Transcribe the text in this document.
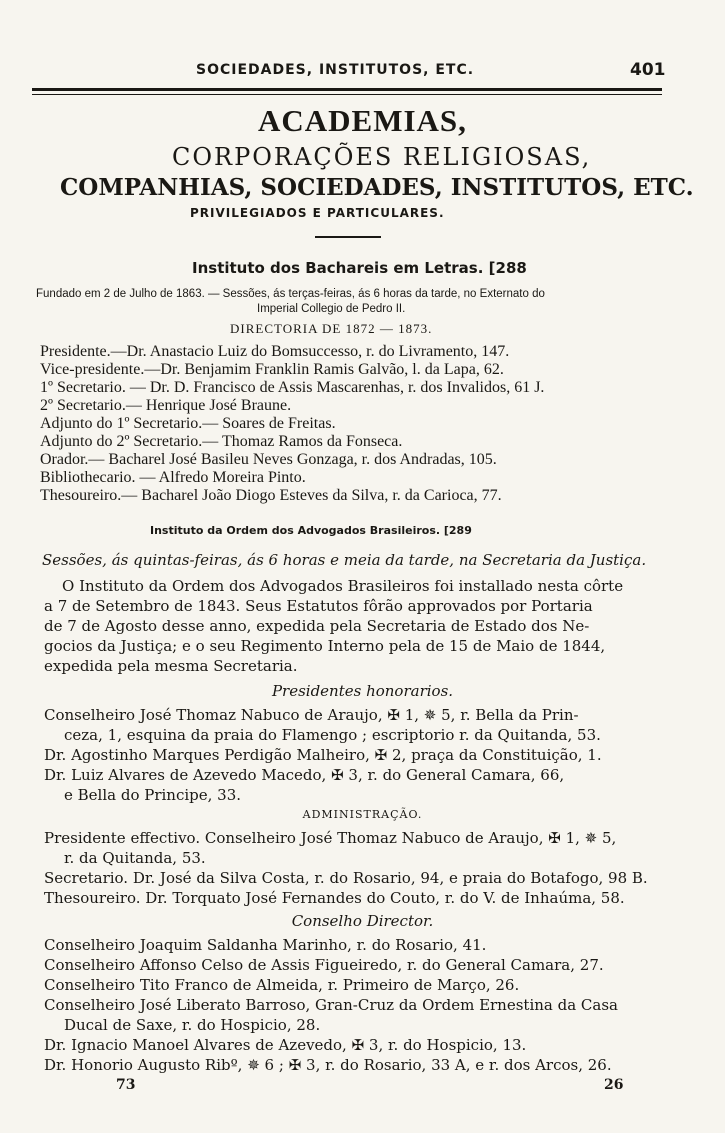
SOCIEDADES, INSTITUTOS, ETC.	401
ACADEMIAS,
CORPORAÇÕES RELIGIOSAS,
COMPANHIAS, SOCIEDADES, INSTITUTOS, ETC.
PRIVILEGIADOS E PARTICULARES.
Instituto dos Bachareis em Letras. [288
Fundado em 2 de Julho de 1863. — Sessões, ás terças-feiras, ás 6 horas da tarde, no Externato do
Imperial Collegio de Pedro II.
DIRECTORIA DE 1872 — 1873.
Presidente.—Dr. Anastacio Luiz do Bomsuccesso, r. do Livramento, 147.
Vice-presidente.—Dr. Benjamim Franklin Ramis Galvão, l. da Lapa, 62.
1º Secretario. — Dr. D. Francisco de Assis Mascarenhas, r. dos Invalidos, 61 J.
2º Secretario.— Henrique José Braune.
Adjunto do 1º Secretario.— Soares de Freitas.
Adjunto do 2º Secretario.— Thomaz Ramos da Fonseca.
Orador.— Bacharel José Basileu Neves Gonzaga, r. dos Andradas, 105.
Bibliothecario. — Alfredo Moreira Pinto.
Thesoureiro.— Bacharel João Diogo Esteves da Silva, r. da Carioca, 77.
Instituto da Ordem dos Advogados Brasileiros. [289
Sessões, ás quintas-feiras, ás 6 horas e meia da tarde, na Secretaria da Justiça.
O Instituto da Ordem dos Advogados Brasileiros foi installado nesta côrte
a 7 de Setembro de 1843. Seus Estatutos fôrão approvados por Portaria
de 7 de Agosto desse anno, expedida pela Secretaria de Estado dos Ne-
gocios da Justiça; e o seu Regimento Interno pela de 15 de Maio de 1844,
expedida pela mesma Secretaria.
Presidentes honorarios.
Conselheiro José Thomaz Nabuco de Araujo, ✠ 1, ✵ 5, r. Bella da Prin-
ceza, 1, esquina da praia do Flamengo ; escriptorio r. da Quitanda, 53.
Dr. Agostinho Marques Perdigão Malheiro, ✠ 2, praça da Constituição, 1.
Dr. Luiz Alvares de Azevedo Macedo, ✠ 3, r. do General Camara, 66,
e Bella do Principe, 33.
ADMINISTRAÇÃO.
Presidente effectivo. Conselheiro José Thomaz Nabuco de Araujo, ✠ 1, ✵ 5,
r. da Quitanda, 53.
Secretario. Dr. José da Silva Costa, r. do Rosario, 94, e praia do Botafogo, 98 B.
Thesoureiro. Dr. Torquato José Fernandes do Couto, r. do V. de Inhaúma, 58.
Conselho Director.
Conselheiro Joaquim Saldanha Marinho, r. do Rosario, 41.
Conselheiro Affonso Celso de Assis Figueiredo, r. do General Camara, 27.
Conselheiro Tito Franco de Almeida, r. Primeiro de Março, 26.
Conselheiro José Liberato Barroso, Gran-Cruz da Ordem Ernestina da Casa
Ducal de Saxe, r. do Hospicio, 28.
Dr. Ignacio Manoel Alvares de Azevedo, ✠ 3, r. do Hospicio, 13.
Dr. Honorio Augusto Ribº, ✵ 6 ; ✠ 3, r. do Rosario, 33 A, e r. dos Arcos, 26.
73	26
